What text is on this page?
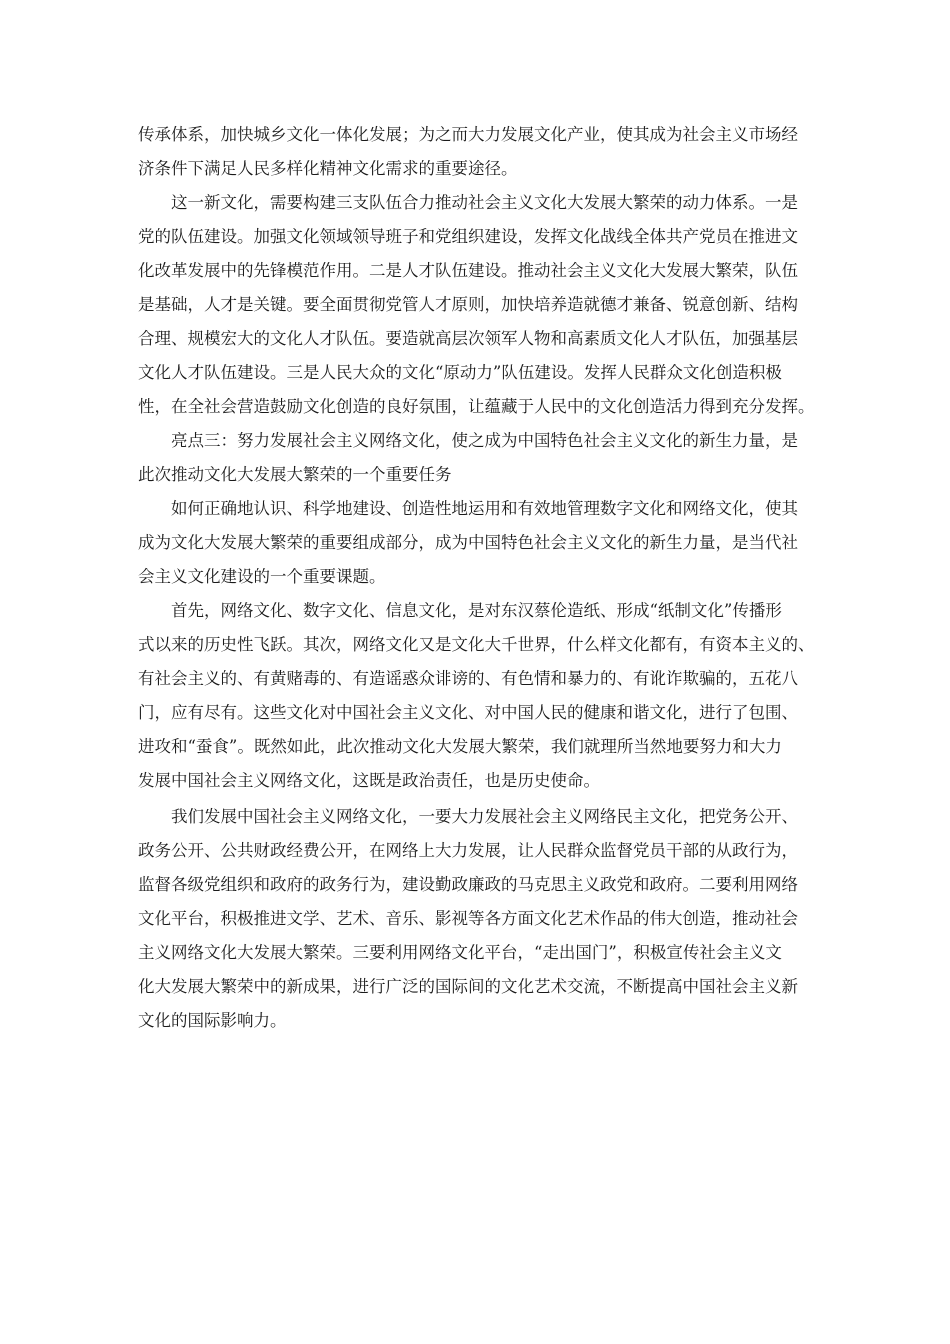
传承体系，加快城乡文化一体化发展；为之而大力发展文化产业，使其成为社会主义市场经
济条件下满足人民多样化精神文化需求的重要途径。
这一新文化，需要构建三支队伍合力推动社会主义文化大发展大繁荣的动力体系。一是
党的队伍建设。加强文化领域领导班子和党组织建设，发挥文化战线全体共产党员在推进文
化改革发展中的先锋模范作用。二是人才队伍建设。推动社会主义文化大发展大繁荣，队伍
是基础，人才是关键。要全面贯彻党管人才原则，加快培养造就德才兼备、锐意创新、结构
合理、规模宏大的文化人才队伍。要造就高层次领军人物和高素质文化人才队伍，加强基层
文化人才队伍建设。三是人民大众的文化“原动力”队伍建设。发挥人民群众文化创造积极
性，在全社会营造鼓励文化创造的良好氛围，让蕴藏于人民中的文化创造活力得到充分发挥。
亮点三：努力发展社会主义网络文化，使之成为中国特色社会主义文化的新生力量，是
此次推动文化大发展大繁荣的一个重要任务
如何正确地认识、科学地建设、创造性地运用和有效地管理数字文化和网络文化，使其
成为文化大发展大繁荣的重要组成部分，成为中国特色社会主义文化的新生力量，是当代社
会主义文化建设的一个重要课题。
首先，网络文化、数字文化、信息文化，是对东汉蔡伦造纸、形成“纸制文化”传播形
式以来的历史性飞跃。其次，网络文化又是文化大千世界，什么样文化都有，有资本主义的、
有社会主义的、有黄赌毒的、有造谣惑众诽谤的、有色情和暴力的、有讹诈欺骗的，五花八
门，应有尽有。这些文化对中国社会主义文化、对中国人民的健康和谐文化，进行了包围、
进攻和“蚕食”。既然如此，此次推动文化大发展大繁荣，我们就理所当然地要努力和大力
发展中国社会主义网络文化，这既是政治责任，也是历史使命。
我们发展中国社会主义网络文化，一要大力发展社会主义网络民主文化，把党务公开、
政务公开、公共财政经费公开，在网络上大力发展，让人民群众监督党员干部的从政行为，
监督各级党组织和政府的政务行为，建设勤政廉政的马克思主义政党和政府。二要利用网络
文化平台，积极推进文学、艺术、音乐、影视等各方面文化艺术作品的伟大创造，推动社会
主义网络文化大发展大繁荣。三要利用网络文化平台，“走出国门”，积极宣传社会主义文
化大发展大繁荣中的新成果，进行广泛的国际间的文化艺术交流，不断提高中国社会主义新
文化的国际影响力。
